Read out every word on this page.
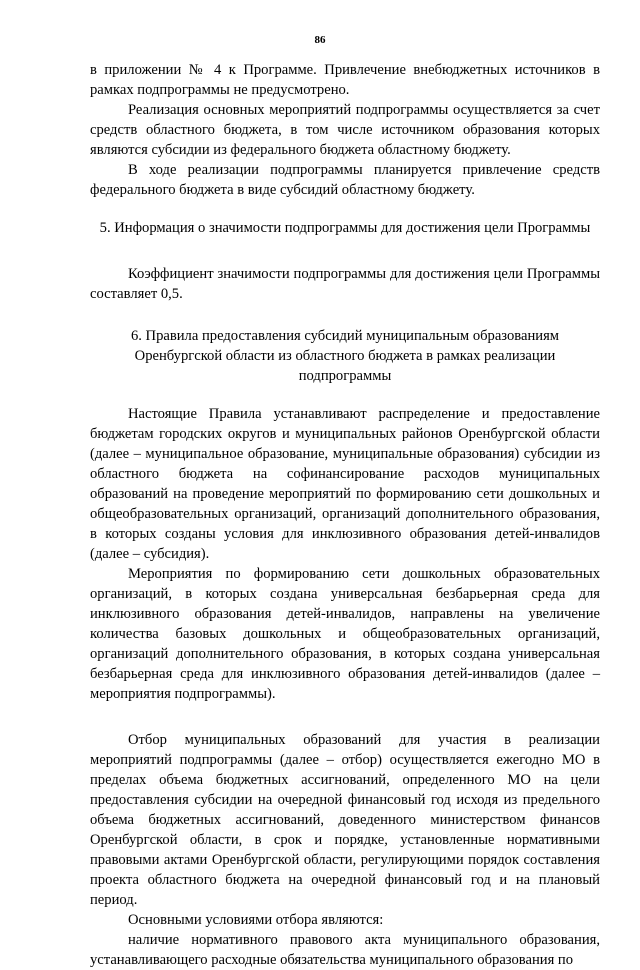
86

в приложении № 4 к Программе. Привлечение внебюджетных источников в рамках подпрограммы не предусмотрено.

Реализация основных мероприятий подпрограммы осуществляется за счет средств областного бюджета, в том числе источником образования которых являются субсидии из федерального бюджета областному бюджету.

В ходе реализации подпрограммы планируется привлечение средств федерального бюджета в виде субсидий областному бюджету.

5. Информация о значимости подпрограммы для достижения цели Программы

Коэффициент значимости подпрограммы для достижения цели Программы составляет 0,5.

6. Правила предоставления субсидий муниципальным образованиям Оренбургской области из областного бюджета в рамках реализации подпрограммы

Настоящие Правила устанавливают распределение и предоставление бюджетам городских округов и муниципальных районов Оренбургской области (далее – муниципальное образование, муниципальные образования) субсидии из областного бюджета на софинансирование расходов муниципальных образований на проведение мероприятий по формированию сети дошкольных и общеобразовательных организаций, организаций дополнительного образования, в которых созданы условия для инклюзивного образования детей-инвалидов (далее – субсидия).

Мероприятия по формированию сети дошкольных образовательных организаций, в которых создана универсальная безбарьерная среда для инклюзивного образования детей-инвалидов, направлены на увеличение количества базовых дошкольных и общеобразовательных организаций, организаций дополнительного образования, в которых создана универсальная безбарьерная среда для инклюзивного образования детей-инвалидов (далее – мероприятия подпрограммы).

Отбор муниципальных образований для участия в реализации мероприятий подпрограммы (далее – отбор) осуществляется ежегодно МО в пределах объема бюджетных ассигнований, определенного МО на цели предоставления субсидии на очередной финансовый год исходя из предельного объема бюджетных ассигнований, доведенного министерством финансов Оренбургской области, в срок и порядке, установленные нормативными правовыми актами Оренбургской области, регулирующими порядок составления проекта областного бюджета на очередной финансовый год и на плановый период.

Основными условиями отбора являются:

наличие нормативного правового акта муниципального образования, устанавливающего расходные обязательства муниципального образования по
